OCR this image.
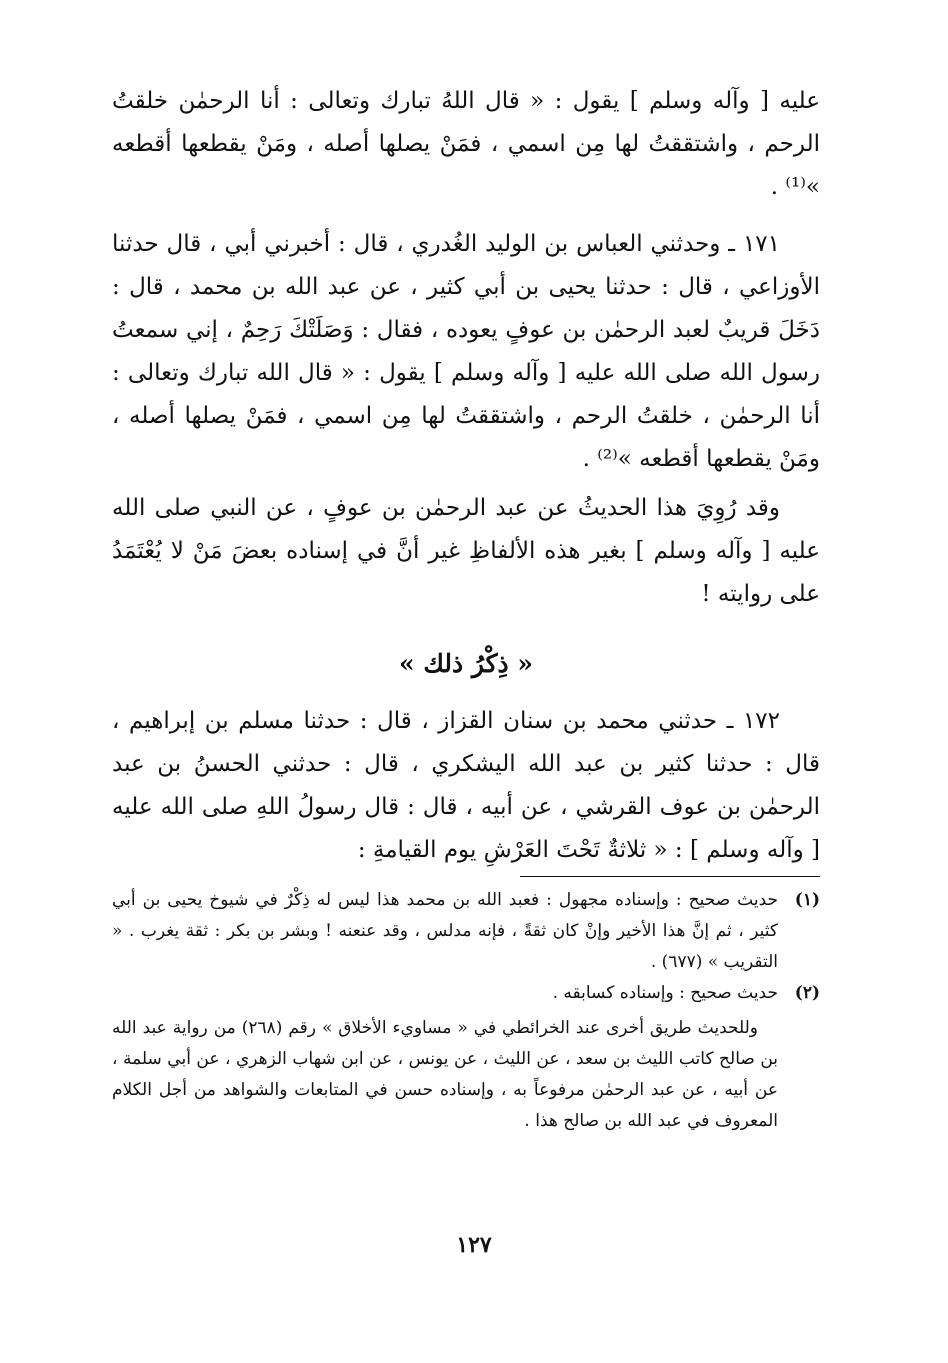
عليه [ وآله وسلم ] يقول : « قال اللهُ تبارك وتعالى : أنا الرحمٰن خلقتُ الرحم ، واشتققتُ لها مِن اسمي ، فمَنْ يصلها أصله ، ومَنْ يقطعها أقطعه »⁽¹⁾ .

١٧١ ـ وحدثني العباس بن الوليد الغُدري ، قال : أخبرني أبي ، قال حدثنا الأوزاعي ، قال : حدثنا يحيى بن أبي كثير ، عن عبد الله بن محمد ، قال : دَخَلَ قريبٌ لعبد الرحمٰن بن عوفٍ يعوده ، فقال : وَصَلَتْكَ رَحِمٌ ، إني سمعتُ رسول الله صلى الله عليه [ وآله وسلم ] يقول : « قال الله تبارك وتعالى : أنا الرحمٰن ، خلقتُ الرحم ، واشتققتُ لها مِن اسمي ، فمَنْ يصلها أصله ، ومَنْ يقطعها أقطعه »⁽²⁾ .

وقد رُوِيَ هذا الحديثُ عن عبد الرحمٰن بن عوفٍ ، عن النبي صلى الله عليه [ وآله وسلم ] بغير هذه الألفاظِ غير أنَّ في إسناده بعضَ مَنْ لا يُعْتَمَدُ على روايته !

« ذِكْرُ ذلك »

١٧٢ ـ حدثني محمد بن سنان القزاز ، قال : حدثنا مسلم بن إبراهيم ، قال : حدثنا كثير بن عبد الله اليشكري ، قال : حدثني الحسنُ بن عبد الرحمٰن بن عوف القرشي ، عن أبيه ، قال : قال رسولُ اللهِ صلى الله عليه [ وآله وسلم ] : « ثلاثةٌ تَحْتَ العَرْشِ يوم القيامةِ :

(١)
حديث صحيح : وإسناده مجهول : فعبد الله بن محمد هذا ليس له ذِكْرٌ في شيوخ يحيى بن أبي كثير ، ثم إنَّ هذا الأخير وإنْ كان ثقةً ، فإنه مدلس ، وقد عنعنه ! وبشر بن بكر : ثقة يغرب . « التقريب » (٦٧٧) .
(٢)
حديث صحيح : وإسناده كسابقه .

وللحديث طريق أخرى عند الخرائطي في « مساويء الأخلاق » رقم (٢٦٨) من رواية عبد الله بن صالح كاتب الليث بن سعد ، عن الليث ، عن يونس ، عن ابن شهاب الزهري ، عن أبي سلمة ، عن أبيه ، عن عبد الرحمٰن مرفوعاً به ، وإسناده حسن في المتابعات والشواهد من أجل الكلام المعروف في عبد الله بن صالح هذا .

١٢٧
